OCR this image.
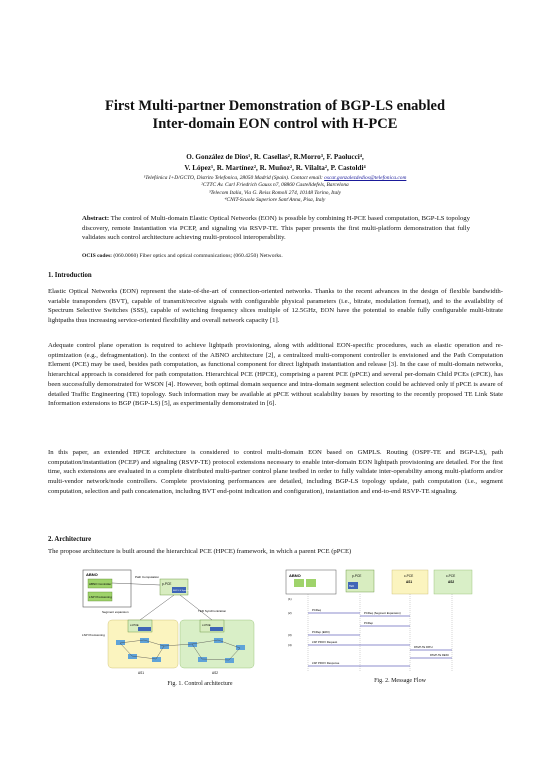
First Multi-partner Demonstration of BGP-LS enabled
Inter-domain EON control with H-PCE
O. González de Dios¹, R. Casellas², R.Morro³, F. Paolucci⁴,
V. López¹, R. Martínez², R. Muñoz², R. Vilalta², P. Castoldi⁴
¹Telefónica I+D/GCTO, Distrito Telefonica, 28050 Madrid (Spain). Contact email: oscar.gonzalezdedios@telefonica.com
²CTTC Av. Carl Friedrich Gauss n7, 08860 Castelldefels, Barcelona
³Telecom Italia, Via G. Reiss Romoli 274, 10148 Torino, Italy
⁴CNIT-Scuola Superiore Sant'Anna, Pisa, Italy
Abstract: The control of Multi-domain Elastic Optical Networks (EON) is possible by combining H-PCE based computation, BGP-LS topology discovery, remote Instantiation via PCEP, and signaling via RSVP-TE. This paper presents the first multi-platform demonstration that fully validates such control architecture achieving multi-protocol interoperability.
OCIS codes: (060.0060) Fiber optics and optical communications; (060.4250) Networks.
1. Introduction
Elastic Optical Networks (EON) represent the state-of-the-art of connection-oriented networks. Thanks to the recent advances in the design of flexible bandwidth-variable transponders (BVT), capable of transmit/receive signals with configurable physical parameters (i.e., bitrate, modulation format), and to the availability of Spectrum Selective Switches (SSS), capable of switching frequency slices multiple of 12.5GHz, EON have the potential to enable fully configurable multi-bitrate lightpaths thus increasing service-oriented flexibility and overall network capacity [1].
Adequate control plane operation is required to achieve lightpath provisioning, along with additional EON-specific procedures, such as elastic operation and re-optimization (e.g., defragmentation). In the context of the ABNO architecture [2], a centralized multi-component controller is envisioned and the Path Computation Element (PCE) may be used, besides path computation, as functional component for direct lightpath instantiation and release [3]. In the case of multi-domain networks, hierarchical approach is considered for path computation. Hierarchical PCE (HPCE), comprising a parent PCE (pPCE) and several per-domain Child PCEs (cPCE), has been successfully demonstrated for WSON [4]. However, both optimal domain sequence and intra-domain segment selection could be achieved only if pPCE is aware of detailed Traffic Engineering (TE) topology. Such information may be available at pPCE without scalability issues by resorting to the recently proposed TE Link State Information extensions to BGP (BGP-LS) [5], as experimentally demonstrated in [6].
In this paper, an extended HPCE architecture is considered to control multi-domain EON based on GMPLS. Routing (OSPF-TE and BGP-LS), path computation/instantiation (PCEP) and signaling (RSVP-TE) protocol extensions necessary to enable inter-domain EON lightpath provisioning are detailed. For the first time, such extensions are evaluated in a complete distributed multi-partner control plane testbed in order to fully validate inter-operability among multi-platform and/or multi-vendor network/node controllers. Complete provisioning performances are detailed, including BGP-LS topology update, path computation (i.e., segment computation, selection and path concatenation, including BVT end-point indication and configuration), instantiation and end-to-end RSVP-TE signaling.
2. Architecture
The propose architecture is built around the hierarchical PCE (HPCE) framework, in which a parent PCE (pPCE)
ABNO
ABNO Controller
LSP Provisioning
Path Computation
p-PCE
BGP-LS Speaker
Segment expansion	TED Synchronization
LSP Provisioning
c-PCE	c-PCE
AS1	AS2
Fig. 1. Control architecture
ABNO	p-PCE
TED
c-PCE
AS1
c-PCE
AS2
(1)
(2)
PCReq
PCReq (Segment Expansion)
PCRep
(3)
PCRep (ERO)
(4)
LSP PROV Request
RSVP-TE PATH
RSVP-TE RESV
LSP PROV Response
Fig. 2. Message Flow
